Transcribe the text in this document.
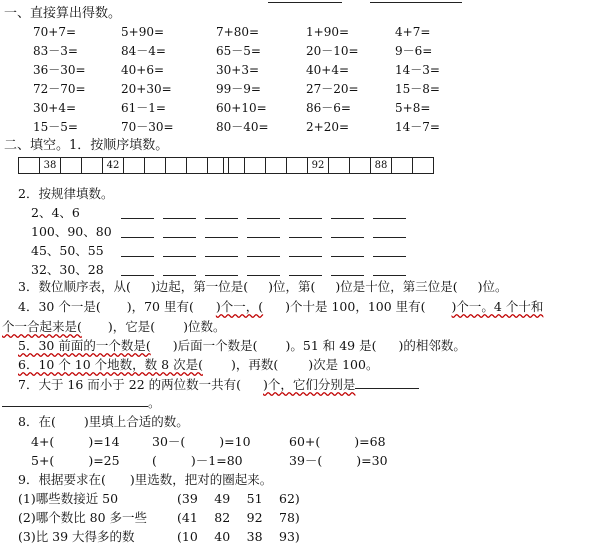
一、直接算出得数。
70+7=	5+90=	7+80=	1+90=	4+7=
83－3=	84－4=	65－5=	20－10=	9－6=
36－30=	40+6=	30+3=	40+4=	14－3=
72－70=	20+30=	99－9=	27－20=	15－8=
30+4=	61－1=	60+10=	86－6=	5+8=
15－5=	70－30=	80－40=	2+20=	14－7=
二、填空。1．按顺序填数。
38	42	92	88
2．按规律填数。
2、4、6
100、90、80
45、50、55
32、30、28
3．数位顺序表，从( )边起，第一位是( )位，第( )位是十位，第三位是( )位。
4．30 个一是( )，70 里有( )个一，( )个十是 100，100 里有( )个一。4 个十和
个一合起来是( )，它是( )位数。
5．30 前面的一个数是( )后面一个数是( )。51 和 49 是( )的相邻数。
6．10 个 10 个地数，数 8 次是( )，再数( )次是 100。
7．大于 16 而小于 22 的两位数一共有( )个，它们分别是
。
8．在( )里填上合适的数。
4+(	)=14	30－(	)=10	60+(	)=68
5+(	)=25	(	)－1=80	39－(	)=30
9．根据要求在( )里选数，把对的圈起来。
(1)哪些数接近 50	(39　 49　 51　 62)
(2)哪个数比 80 多一些 (41　 82　 92　 78)
(3)比 39 大得多的数	(10　 40　 38　 93)
